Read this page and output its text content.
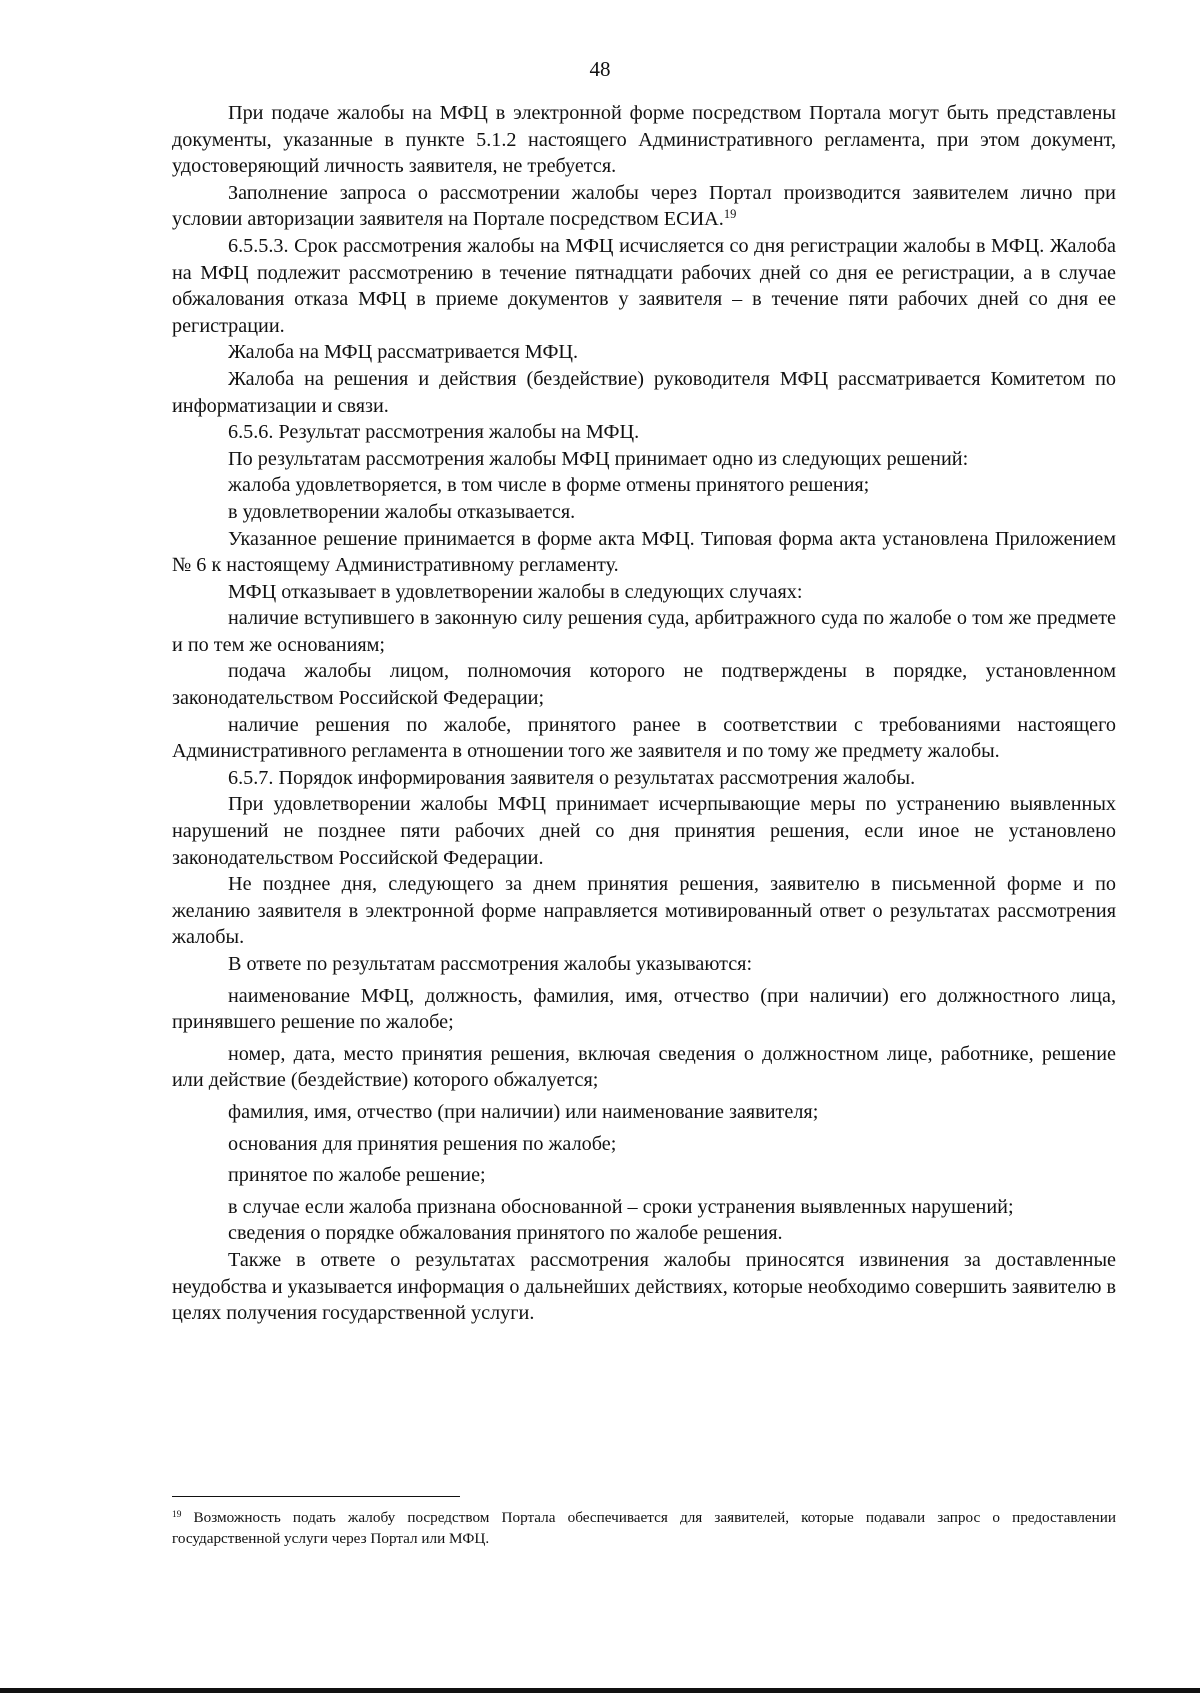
48

При подаче жалобы на МФЦ в электронной форме посредством Портала могут быть представлены документы, указанные в пункте 5.1.2 настоящего Административного регламента, при этом документ, удостоверяющий личность заявителя, не требуется.

Заполнение запроса о рассмотрении жалобы через Портал производится заявителем лично при условии авторизации заявителя на Портале посредством ЕСИА.$^{19}$

6.5.5.3. Срок рассмотрения жалобы на МФЦ исчисляется со дня регистрации жалобы в МФЦ. Жалоба на МФЦ подлежит рассмотрению в течение пятнадцати рабочих дней со дня ее регистрации, а в случае обжалования отказа МФЦ в приеме документов у заявителя – в течение пяти рабочих дней со дня ее регистрации.

Жалоба на МФЦ рассматривается МФЦ.

Жалоба на решения и действия (бездействие) руководителя МФЦ рассматривается Комитетом по информатизации и связи.

6.5.6. Результат рассмотрения жалобы на МФЦ.

По результатам рассмотрения жалобы МФЦ принимает одно из следующих решений:

жалоба удовлетворяется, в том числе в форме отмены принятого решения;

в удовлетворении жалобы отказывается.

Указанное решение принимается в форме акта МФЦ. Типовая форма акта установлена Приложением № 6 к настоящему Административному регламенту.

МФЦ отказывает в удовлетворении жалобы в следующих случаях:

наличие вступившего в законную силу решения суда, арбитражного суда по жалобе о том же предмете и по тем же основаниям;

подача жалобы лицом, полномочия которого не подтверждены в порядке, установленном законодательством Российской Федерации;

наличие решения по жалобе, принятого ранее в соответствии с требованиями настоящего Административного регламента в отношении того же заявителя и по тому же предмету жалобы.

6.5.7. Порядок информирования заявителя о результатах рассмотрения жалобы.

При удовлетворении жалобы МФЦ принимает исчерпывающие меры по устранению выявленных нарушений не позднее пяти рабочих дней со дня принятия решения, если иное не установлено законодательством Российской Федерации.

Не позднее дня, следующего за днем принятия решения, заявителю в письменной форме и по желанию заявителя в электронной форме направляется мотивированный ответ о результатах рассмотрения жалобы.

В ответе по результатам рассмотрения жалобы указываются:

наименование МФЦ, должность, фамилия, имя, отчество (при наличии) его должностного лица, принявшего решение по жалобе;

номер, дата, место принятия решения, включая сведения о должностном лице, работнике, решение или действие (бездействие) которого обжалуется;

фамилия, имя, отчество (при наличии) или наименование заявителя;

основания для принятия решения по жалобе;

принятое по жалобе решение;

в случае если жалоба признана обоснованной – сроки устранения выявленных нарушений;

сведения о порядке обжалования принятого по жалобе решения.

Также в ответе о результатах рассмотрения жалобы приносятся извинения за доставленные неудобства и указывается информация о дальнейших действиях, которые необходимо совершить заявителю в целях получения государственной услуги.

$^{19}$ Возможность подать жалобу посредством Портала обеспечивается для заявителей, которые подавали запрос о предоставлении государственной услуги через Портал или МФЦ.
